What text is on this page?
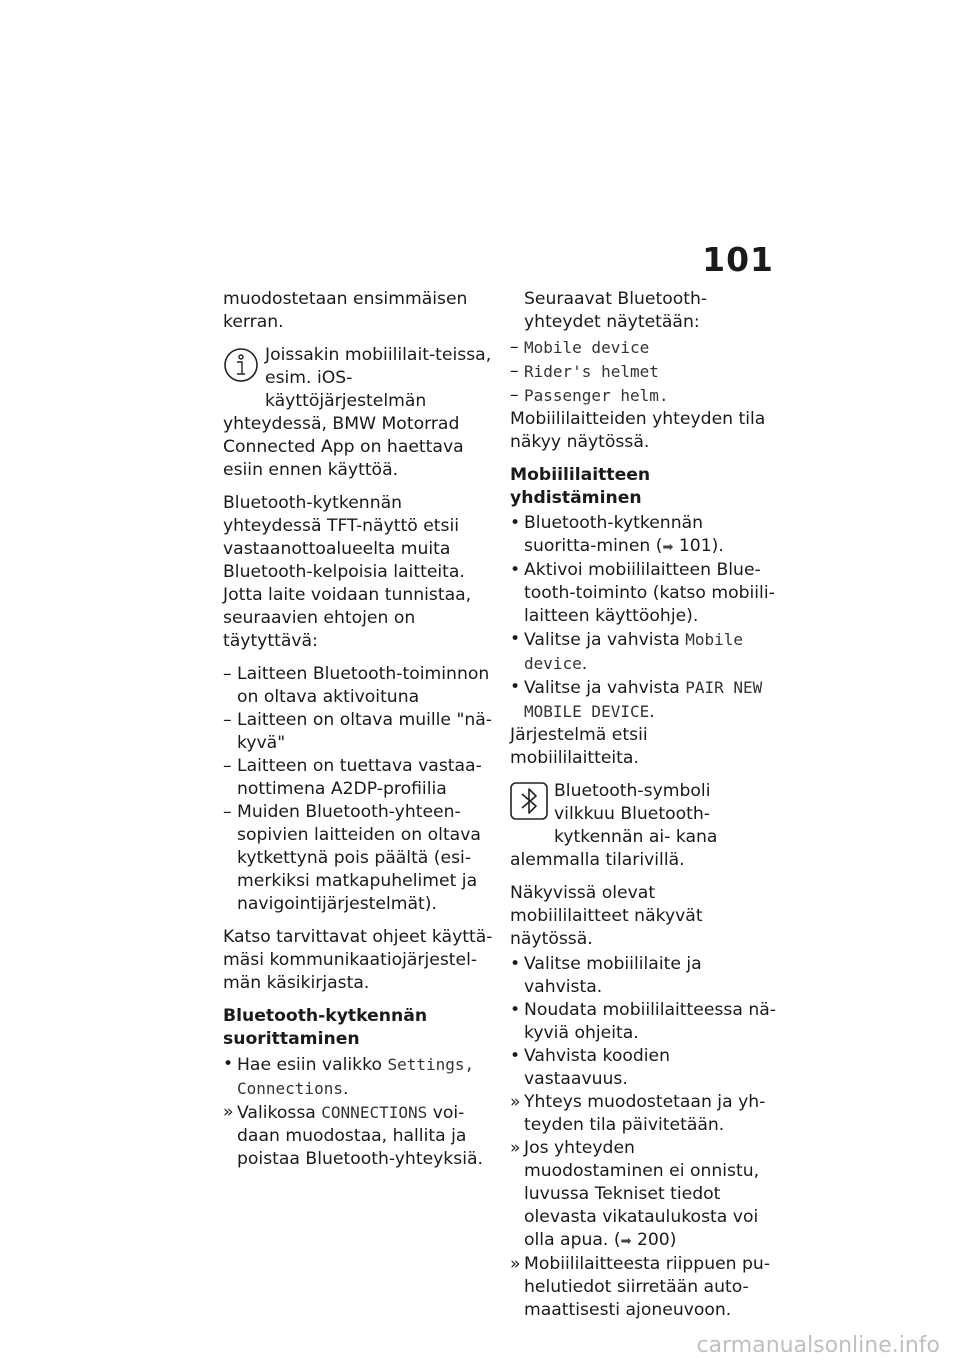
101

muodostetaan ensimmäisen kerran.

Joissakin mobiililait-teissa, esim. iOS- käyttöjärjestelmän yhteydessä, BMW Motorrad Connected App on haettava esiin ennen käyttöä.

Bluetooth-kytkennän yhteydessä TFT-näyttö etsii vastaanottoalueelta muita Bluetooth-kelpoisia laitteita. Jotta laite voidaan tunnistaa, seuraavien ehtojen on täytyttävä:

– Laitteen Bluetooth-toiminnon on oltava aktivoituna
– Laitteen on oltava muille "nä-kyvä"
– Laitteen on tuettava vastaa-nottimena A2DP-profiilia
– Muiden Bluetooth-yhteen-sopivien laitteiden on oltava kytkettynä pois päältä (esi-merkiksi matkapuhelimet ja navigointijärjestelmät).

Katso tarvittavat ohjeet käyttä-mäsi kommunikaatiojärjestel-män käsikirjasta.

Bluetooth-kytkennän suorittaminen
• Hae esiin valikko Settings, Connections.
» Valikossa CONNECTIONS voi-daan muodostaa, hallita ja poistaa Bluetooth-yhteyksiä.

Seuraavat Bluetooth-yhteydet näytetään:

– Mobile device
– Rider's helmet
– Passenger helm.

Mobiililaitteiden yhteyden tila näkyy näytössä.

Mobiililaitteen yhdistäminen
• Bluetooth-kytkennän suoritta-minen (➡ 101).
• Aktivoi mobiililaitteen Blue-tooth-toiminto (katso mobiili-laitteen käyttöohje).
• Valitse ja vahvista Mobile device.
• Valitse ja vahvista PAIR NEW MOBILE DEVICE.

Järjestelmä etsii mobiililaitteita.

Bluetooth-symboli vilkkuu Bluetooth-kytkennän ai- kana alemmalla tilarivillä.

Näkyvissä olevat mobiililaitteet näkyvät näytössä.

• Valitse mobiililaite ja vahvista.
• Noudata mobiililaitteessa nä-kyviä ohjeita.
• Vahvista koodien vastaavuus.
» Yhteys muodostetaan ja yh-teyden tila päivitetään.
» Jos yhteyden muodostaminen ei onnistu, luvussa Tekniset tiedot olevasta vikataulukosta voi olla apua. (➡ 200)
» Mobiililaitteesta riippuen pu-helutiedot siirretään auto-maattisesti ajoneuvoon.
carmanualsonline.info
